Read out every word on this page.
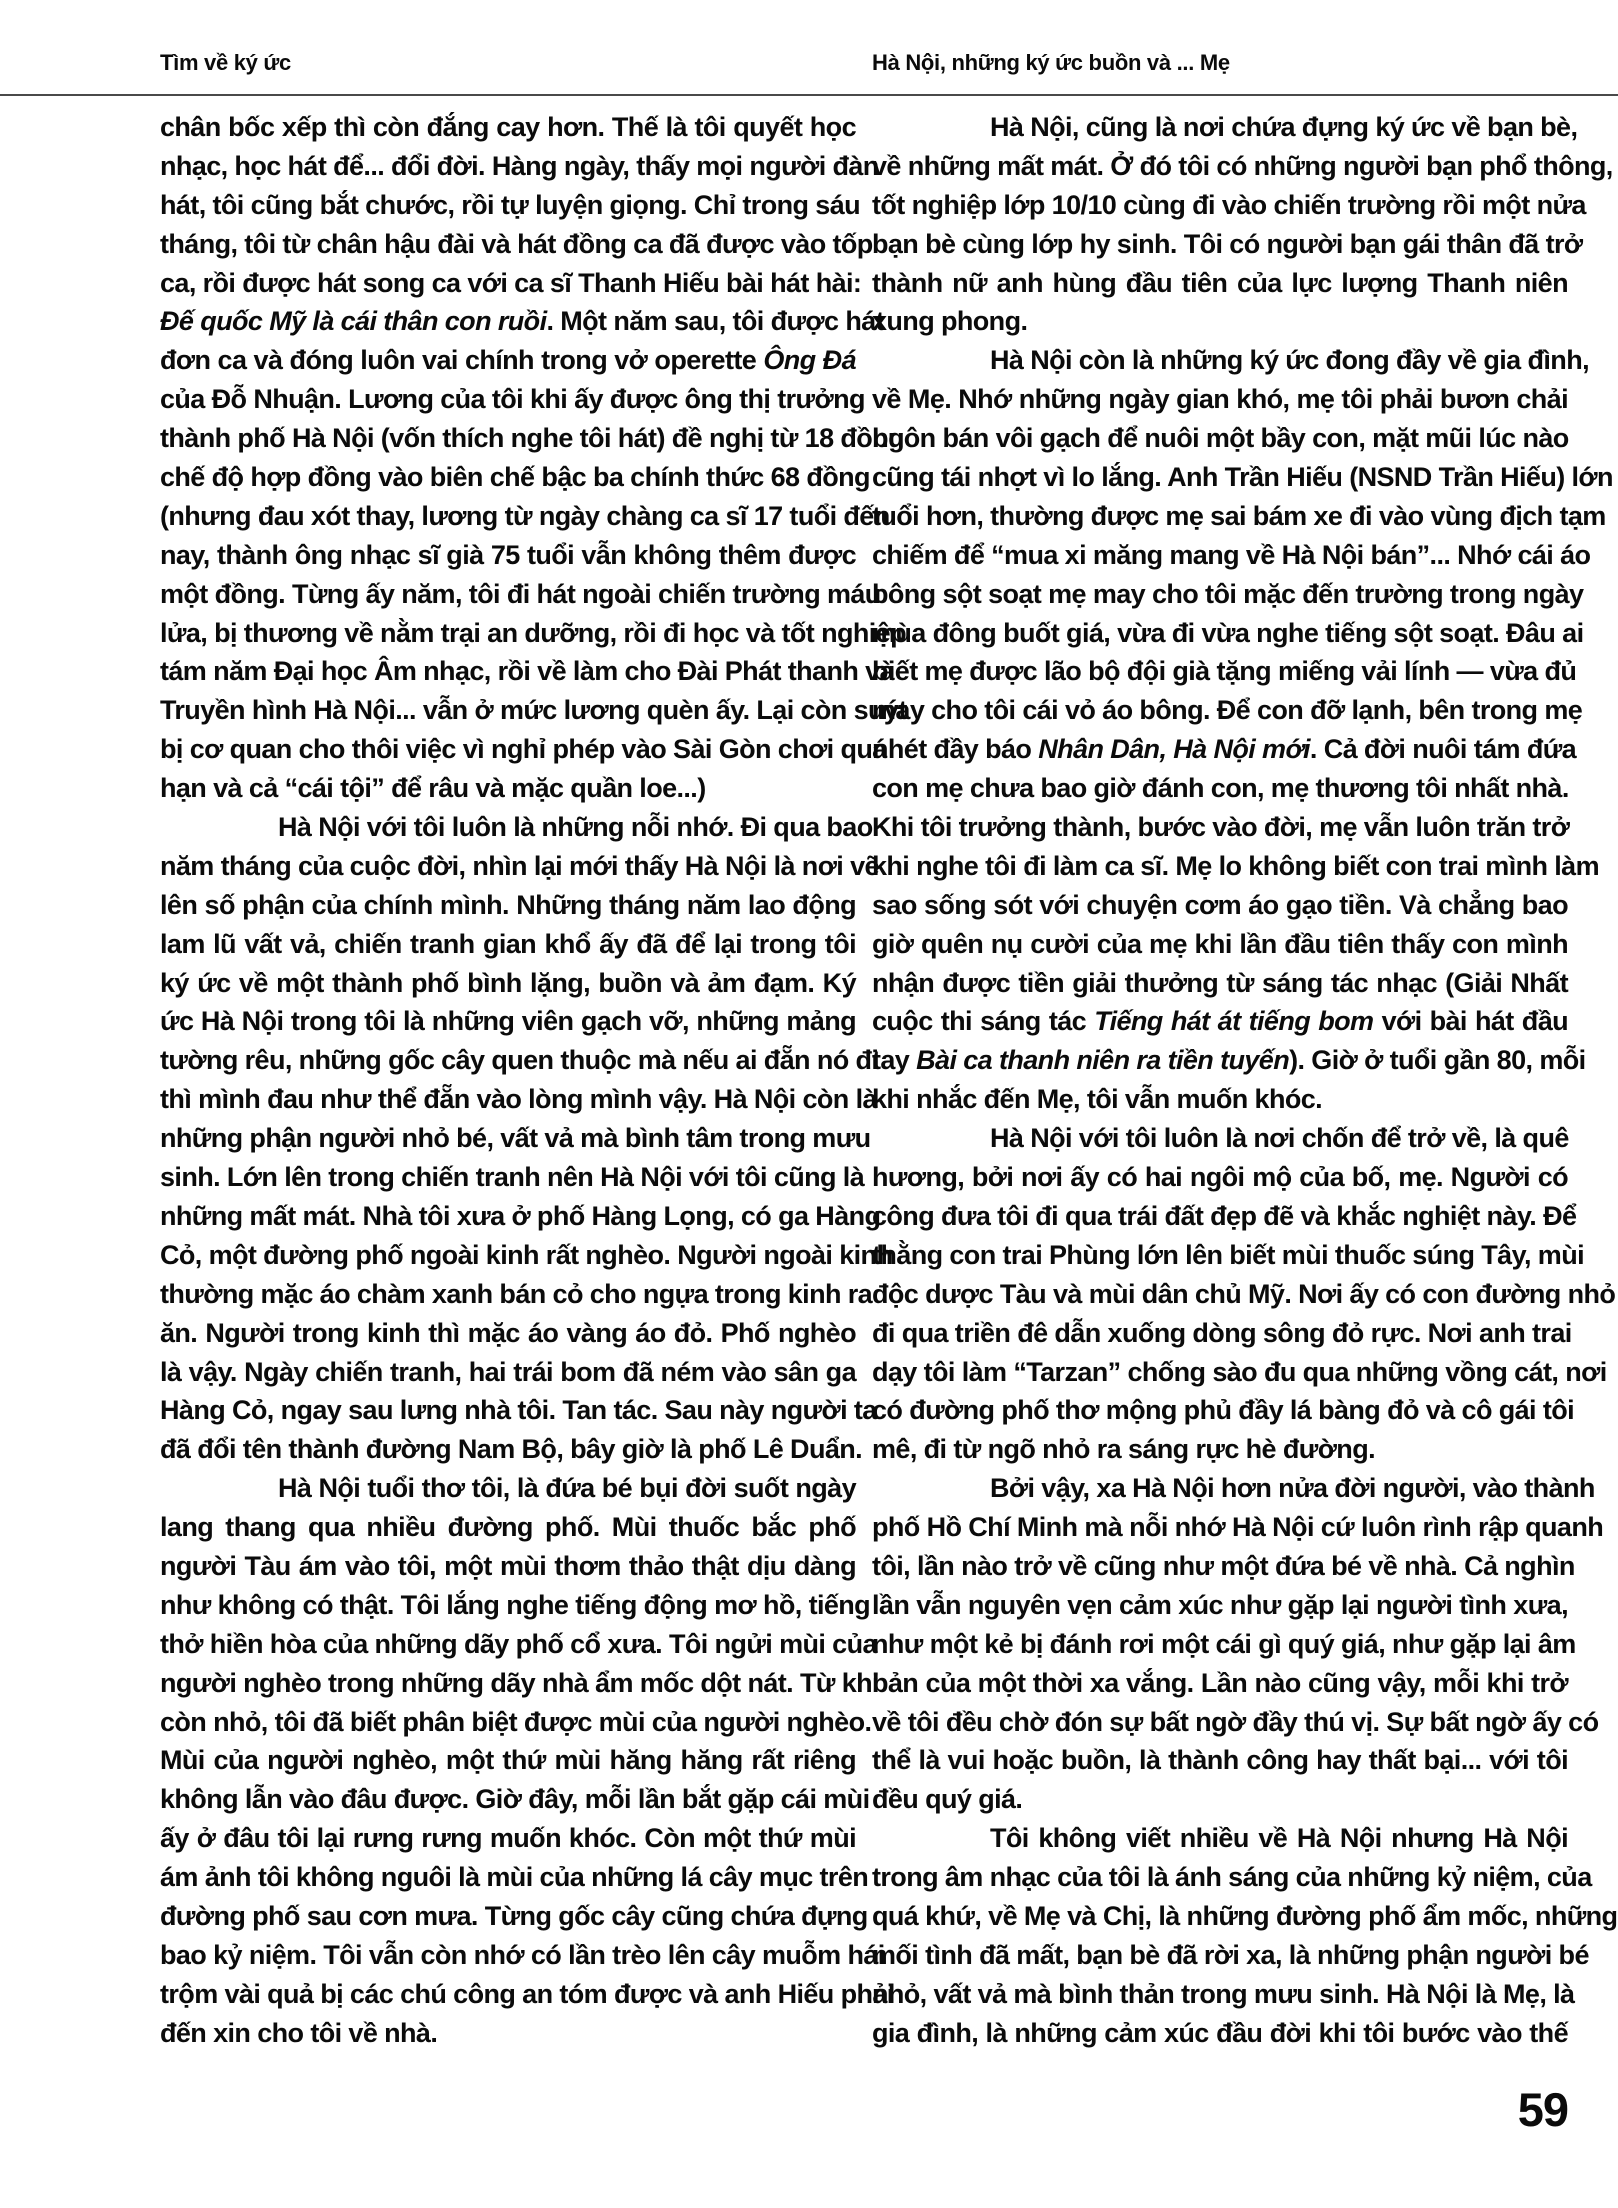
Tìm về ký ức	Hà Nội, những ký ức buồn và ... Mẹ
chân bốc xếp thì còn đắng cay hơn. Thế là tôi quyết học
nhạc, học hát để... đổi đời. Hàng ngày, thấy mọi người đàn
hát, tôi cũng bắt chước, rồi tự luyện giọng. Chỉ trong sáu
tháng, tôi từ chân hậu đài và hát đồng ca đã được vào tốp
ca, rồi được hát song ca với ca sĩ Thanh Hiếu bài hát hài:
Đế quốc Mỹ là cái thân con ruồi. Một năm sau, tôi được hát
đơn ca và đóng luôn vai chính trong vở operette Ông Đá
của Đỗ Nhuận. Lương của tôi khi ấy được ông thị trưởng
thành phố Hà Nội (vốn thích nghe tôi hát) đề nghị từ 18 đồng
chế độ hợp đồng vào biên chế bậc ba chính thức 68 đồng
(nhưng đau xót thay, lương từ ngày chàng ca sĩ 17 tuổi đến
nay, thành ông nhạc sĩ già 75 tuổi vẫn không thêm được
một đồng. Từng ấy năm, tôi đi hát ngoài chiến trường máu
lửa, bị thương về nằm trại an dưỡng, rồi đi học và tốt nghiệp
tám năm Đại học Âm nhạc, rồi về làm cho Đài Phát thanh và
Truyền hình Hà Nội... vẫn ở mức lương quèn ấy. Lại còn suýt
bị cơ quan cho thôi việc vì nghỉ phép vào Sài Gòn chơi quá
hạn và cả “cái tội” để râu và mặc quần loe...)
Hà Nội với tôi luôn là những nỗi nhớ. Đi qua bao
năm tháng của cuộc đời, nhìn lại mới thấy Hà Nội là nơi vẽ
lên số phận của chính mình. Những tháng năm lao động
lam lũ vất vả, chiến tranh gian khổ ấy đã để lại trong tôi
ký ức về một thành phố bình lặng, buồn và ảm đạm. Ký
ức Hà Nội trong tôi là những viên gạch vỡ, những mảng
tường rêu, những gốc cây quen thuộc mà nếu ai đẵn nó đi
thì mình đau như thể đẵn vào lòng mình vậy. Hà Nội còn là
những phận người nhỏ bé, vất vả mà bình tâm trong mưu
sinh. Lớn lên trong chiến tranh nên Hà Nội với tôi cũng là
những mất mát. Nhà tôi xưa ở phố Hàng Lọng, có ga Hàng
Cỏ, một đường phố ngoài kinh rất nghèo. Người ngoài kinh
thường mặc áo chàm xanh bán cỏ cho ngựa trong kinh ra
ăn. Người trong kinh thì mặc áo vàng áo đỏ. Phố nghèo
là vậy. Ngày chiến tranh, hai trái bom đã ném vào sân ga
Hàng Cỏ, ngay sau lưng nhà tôi. Tan tác. Sau này người ta
đã đổi tên thành đường Nam Bộ, bây giờ là phố Lê Duẩn.
Hà Nội tuổi thơ tôi, là đứa bé bụi đời suốt ngày
lang thang qua nhiều đường phố. Mùi thuốc bắc phố
người Tàu ám vào tôi, một mùi thơm thảo thật dịu dàng
như không có thật. Tôi lắng nghe tiếng động mơ hồ, tiếng
thở hiền hòa của những dãy phố cổ xưa. Tôi ngửi mùi của
người nghèo trong những dãy nhà ẩm mốc dột nát. Từ khi
còn nhỏ, tôi đã biết phân biệt được mùi của người nghèo.
Mùi của người nghèo, một thứ mùi hăng hăng rất riêng
không lẫn vào đâu được. Giờ đây, mỗi lần bắt gặp cái mùi
ấy ở đâu tôi lại rưng rưng muốn khóc. Còn một thứ mùi
ám ảnh tôi không nguôi là mùi của những lá cây mục trên
đường phố sau cơn mưa. Từng gốc cây cũng chứa đựng
bao kỷ niệm. Tôi vẫn còn nhớ có lần trèo lên cây muỗm hái
trộm vài quả bị các chú công an tóm được và anh Hiếu phải
đến xin cho tôi về nhà.
Hà Nội, cũng là nơi chứa đựng ký ức về bạn bè,
về những mất mát. Ở đó tôi có những người bạn phổ thông,
tốt nghiệp lớp 10/10 cùng đi vào chiến trường rồi một nửa
bạn bè cùng lớp hy sinh. Tôi có người bạn gái thân đã trở
thành nữ anh hùng đầu tiên của lực lượng Thanh niên
xung phong.
Hà Nội còn là những ký ức đong đầy về gia đình,
về Mẹ. Nhớ những ngày gian khó, mẹ tôi phải bươn chải
buôn bán vôi gạch để nuôi một bầy con, mặt mũi lúc nào
cũng tái nhợt vì lo lắng. Anh Trần Hiếu (NSND Trần Hiếu) lớn
tuổi hơn, thường được mẹ sai bám xe đi vào vùng địch tạm
chiếm để “mua xi măng mang về Hà Nội bán”... Nhớ cái áo
bông sột soạt mẹ may cho tôi mặc đến trường trong ngày
mùa đông buốt giá, vừa đi vừa nghe tiếng sột soạt. Đâu ai
biết mẹ được lão bộ đội già tặng miếng vải lính — vừa đủ
may cho tôi cái vỏ áo bông. Để con đỡ lạnh, bên trong mẹ
nhét đầy báo Nhân Dân, Hà Nội mới. Cả đời nuôi tám đứa
con mẹ chưa bao giờ đánh con, mẹ thương tôi nhất nhà.
Khi tôi trưởng thành, bước vào đời, mẹ vẫn luôn trăn trở
khi nghe tôi đi làm ca sĩ. Mẹ lo không biết con trai mình làm
sao sống sót với chuyện cơm áo gạo tiền. Và chẳng bao
giờ quên nụ cười của mẹ khi lần đầu tiên thấy con mình
nhận được tiền giải thưởng từ sáng tác nhạc (Giải Nhất
cuộc thi sáng tác Tiếng hát át tiếng bom với bài hát đầu
tay Bài ca thanh niên ra tiền tuyến). Giờ ở tuổi gần 80, mỗi
khi nhắc đến Mẹ, tôi vẫn muốn khóc.
Hà Nội với tôi luôn là nơi chốn để trở về, là quê
hương, bởi nơi ấy có hai ngôi mộ của bố, mẹ. Người có
công đưa tôi đi qua trái đất đẹp đẽ và khắc nghiệt này. Để
thằng con trai Phùng lớn lên biết mùi thuốc súng Tây, mùi
độc dược Tàu và mùi dân chủ Mỹ. Nơi ấy có con đường nhỏ
đi qua triền đê dẫn xuống dòng sông đỏ rực. Nơi anh trai
dạy tôi làm “Tarzan” chống sào đu qua những vồng cát, nơi
có đường phố thơ mộng phủ đầy lá bàng đỏ và cô gái tôi
mê, đi từ ngõ nhỏ ra sáng rực hè đường.
Bởi vậy, xa Hà Nội hơn nửa đời người, vào thành
phố Hồ Chí Minh mà nỗi nhớ Hà Nội cứ luôn rình rập quanh
tôi, lần nào trở về cũng như một đứa bé về nhà. Cả nghìn
lần vẫn nguyên vẹn cảm xúc như gặp lại người tình xưa,
như một kẻ bị đánh rơi một cái gì quý giá, như gặp lại âm
bản của một thời xa vắng. Lần nào cũng vậy, mỗi khi trở
về tôi đều chờ đón sự bất ngờ đầy thú vị. Sự bất ngờ ấy có
thể là vui hoặc buồn, là thành công hay thất bại... với tôi
đều quý giá.
Tôi không viết nhiều về Hà Nội nhưng Hà Nội
trong âm nhạc của tôi là ánh sáng của những kỷ niệm, của
quá khứ, về Mẹ và Chị, là những đường phố ẩm mốc, những
mối tình đã mất, bạn bè đã rời xa, là những phận người bé
nhỏ, vất vả mà bình thản trong mưu sinh. Hà Nội là Mẹ, là
gia đình, là những cảm xúc đầu đời khi tôi bước vào thế
59
